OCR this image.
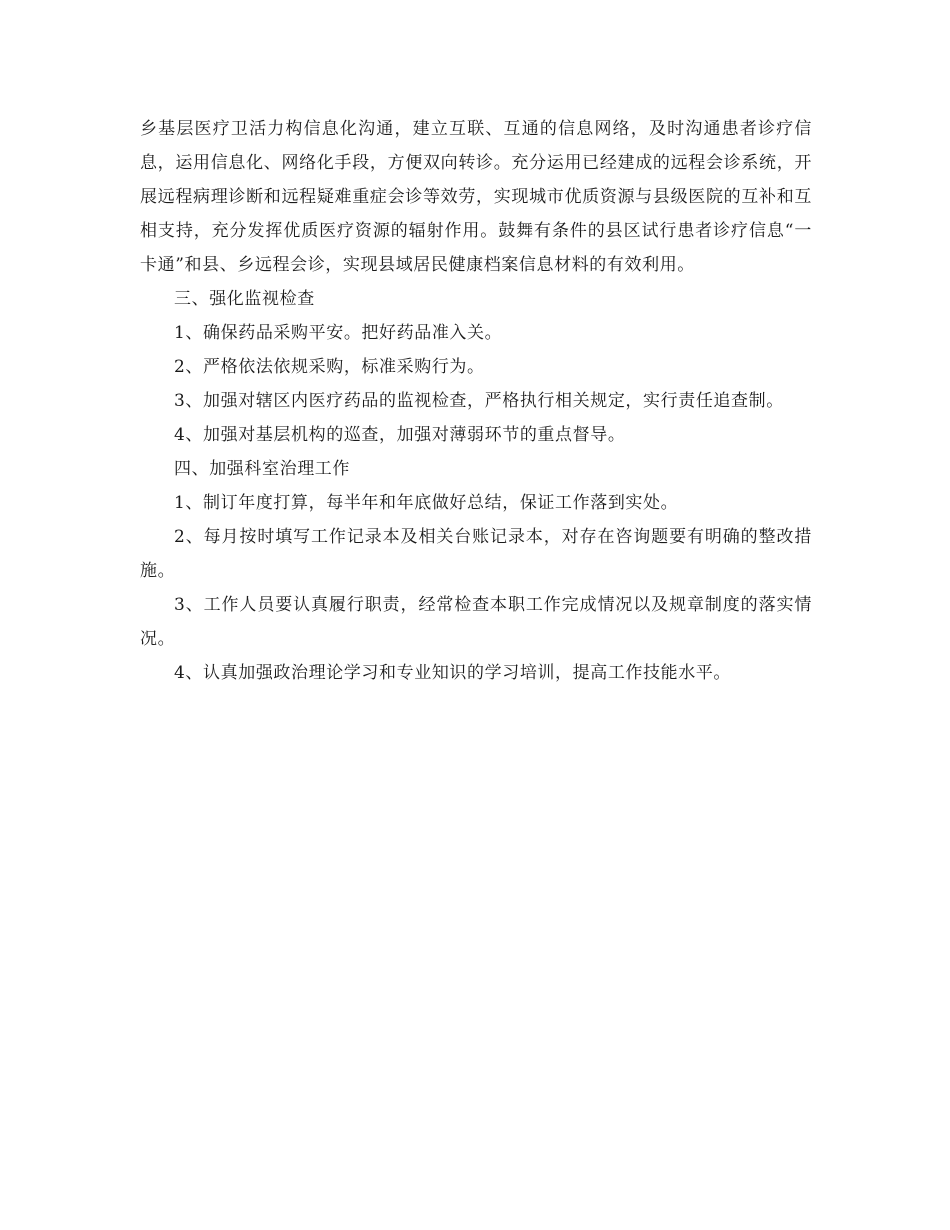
乡基层医疗卫活力构信息化沟通，建立互联、互通的信息网络，及时沟通患者诊疗信息，运用信息化、网络化手段，方便双向转诊。充分运用已经建成的远程会诊系统，开展远程病理诊断和远程疑难重症会诊等效劳，实现城市优质资源与县级医院的互补和互相支持，充分发挥优质医疗资源的辐射作用。鼓舞有条件的县区试行患者诊疗信息“一卡通”和县、乡远程会诊，实现县域居民健康档案信息材料的有效利用。

三、强化监视检查

1、确保药品采购平安。把好药品准入关。

2、严格依法依规采购，标准采购行为。

3、加强对辖区内医疗药品的监视检查，严格执行相关规定，实行责任追查制。

4、加强对基层机构的巡查，加强对薄弱环节的重点督导。

四、加强科室治理工作

1、制订年度打算，每半年和年底做好总结，保证工作落到实处。

2、每月按时填写工作记录本及相关台账记录本，对存在咨询题要有明确的整改措施。

3、工作人员要认真履行职责，经常检查本职工作完成情况以及规章制度的落实情况。

4、认真加强政治理论学习和专业知识的学习培训，提高工作技能水平。
